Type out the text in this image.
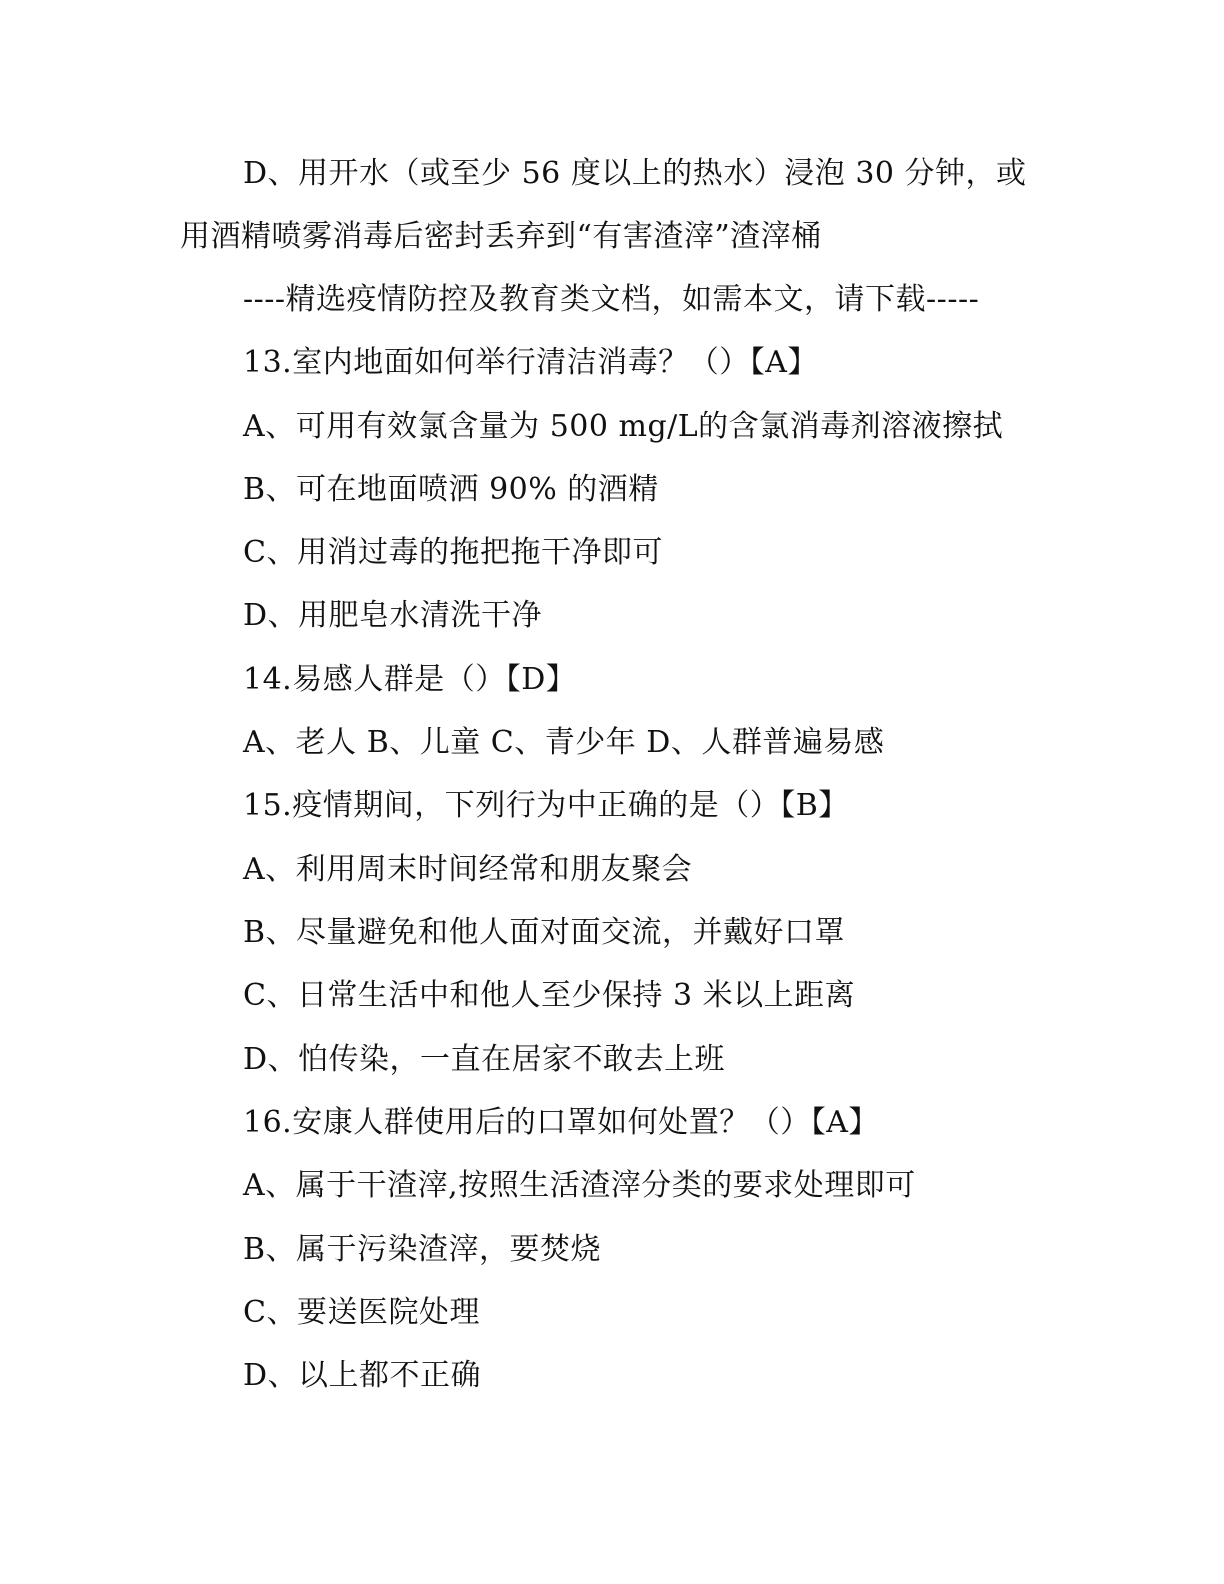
D、用开水（或至少 56 度以上的热水）浸泡 30 分钟，或
用酒精喷雾消毒后密封丢弃到“有害渣滓”渣滓桶
----精选疫情防控及教育类文档，如需本文，请下载-----
13.室内地面如何举行清洁消毒？（）【A】
A、可用有效氯含量为 500 mg/L的含氯消毒剂溶液擦拭
B、可在地面喷洒 90% 的酒精
C、用消过毒的拖把拖干净即可
D、用肥皂水清洗干净
14.易感人群是（）【D】
A、老人 B、儿童 C、青少年 D、人群普遍易感
15.疫情期间，下列行为中正确的是（）【B】
A、利用周末时间经常和朋友聚会
B、尽量避免和他人面对面交流，并戴好口罩
C、日常生活中和他人至少保持 3 米以上距离
D、怕传染，一直在居家不敢去上班
16.安康人群使用后的口罩如何处置？（）【A】
A、属于干渣滓,按照生活渣滓分类的要求处理即可
B、属于污染渣滓，要焚烧
C、要送医院处理
D、以上都不正确
